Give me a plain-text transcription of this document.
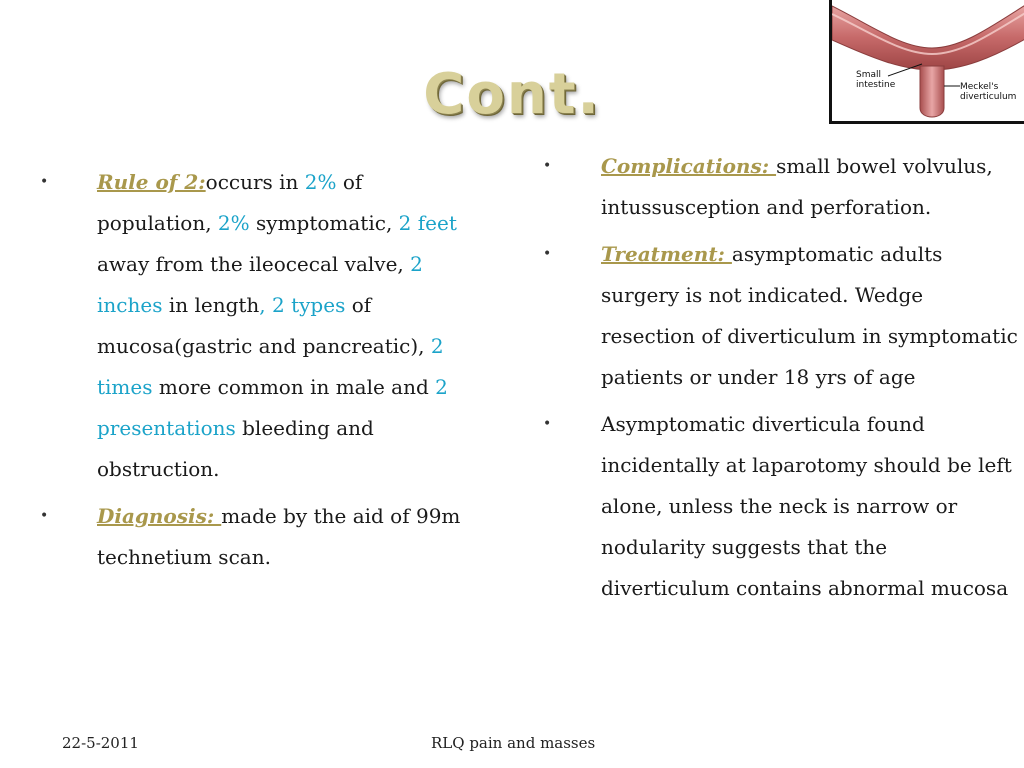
Cont.	Small
intestine	Meckel's
diverticulum
• Rule of 2:occurs in 2% of population, 2% symptomatic, 2 feet away from the ileocecal valve, 2 inches in length, 2 types of mucosa(gastric and pancreatic), 2 times more common in male and 2 presentations bleeding and obstruction.
• Diagnosis: made by the aid of 99m technetium scan.
• Complications: small bowel volvulus, intussusception and perforation.
• Treatment: asymptomatic adults surgery is not indicated. Wedge resection of diverticulum in symptomatic patients or under 18 yrs of age
• Asymptomatic diverticula found incidentally at laparotomy should be left alone, unless the neck is narrow or nodularity suggests that the diverticulum contains abnormal mucosa
22-5-2011	RLQ pain and masses
